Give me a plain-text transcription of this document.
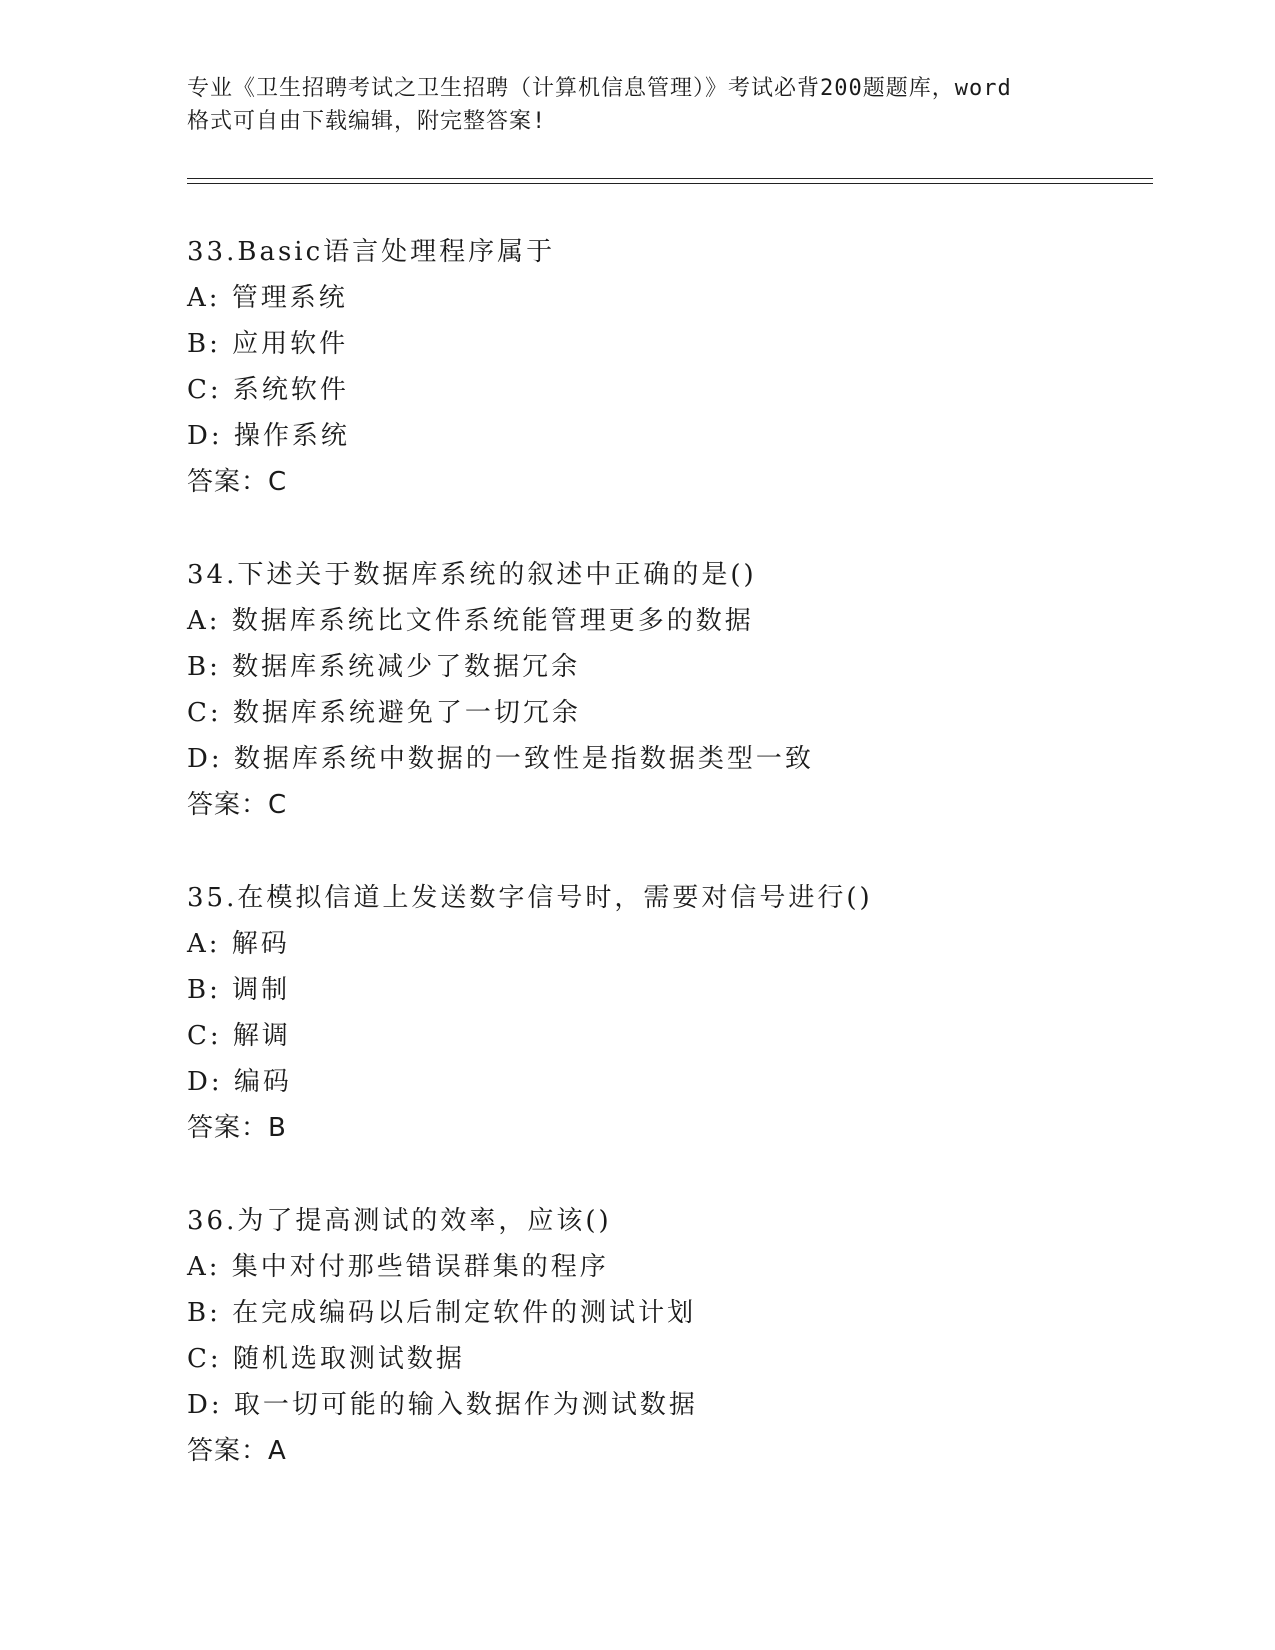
专业《卫生招聘考试之卫生招聘（计算机信息管理）》考试必背200题题库，word
格式可自由下载编辑，附完整答案!
33.Basic语言处理程序属于
A: 管理系统
B: 应用软件
C: 系统软件
D: 操作系统
答案：C
34.下述关于数据库系统的叙述中正确的是()
A: 数据库系统比文件系统能管理更多的数据
B: 数据库系统减少了数据冗余
C: 数据库系统避免了一切冗余
D: 数据库系统中数据的一致性是指数据类型一致
答案：C
35.在模拟信道上发送数字信号时，需要对信号进行()
A: 解码
B: 调制
C: 解调
D: 编码
答案：B
36.为了提高测试的效率，应该()
A: 集中对付那些错误群集的程序
B: 在完成编码以后制定软件的测试计划
C: 随机选取测试数据
D: 取一切可能的输入数据作为测试数据
答案：A
